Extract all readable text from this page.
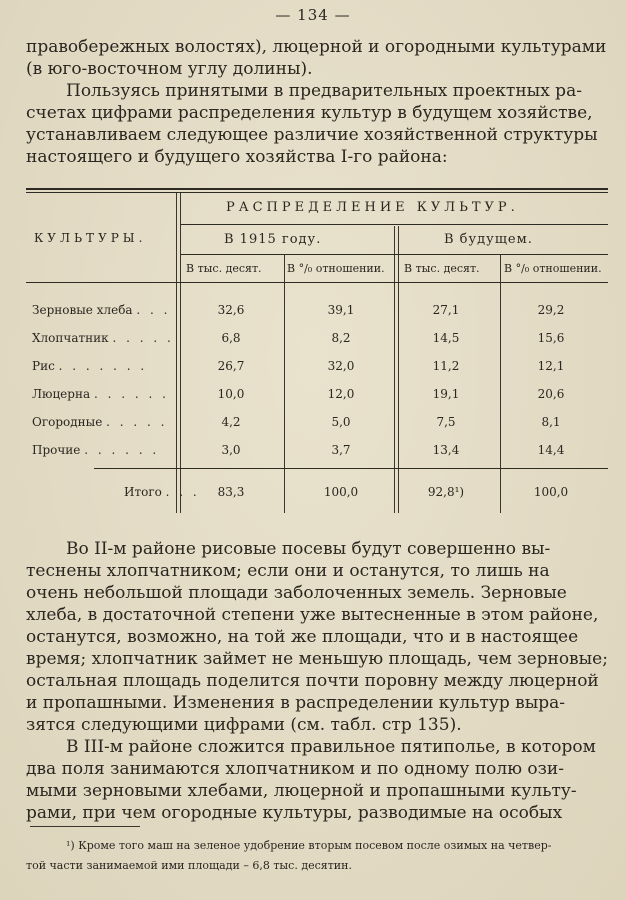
— 134 —
правобережных волостях), люцерной и огородными культурами
(в юго-восточном углу долины).
Пользуясь принятыми в предварительных проектных ра-
счетах цифрами распределения культур в будущем хозяйстве,
устанавливаем следующее различие хозяйственной структуры
настоящего и будущего хозяйства I-го района:
РАСПРЕДЕЛЕНИЕ КУЛЬТУР.
КУЛЬТУРЫ.	В 1915 году.	В будущем.
В тыс. десят. В °/₀ отношении. В тыс. десят. В °/₀ отношении.
Зерновые хлеба . . .	32,6	39,1	27,1	29,2
Хлопчатник . . . . .	6,8	8,2	14,5	15,6
Рис . . . . . . .	26,7	32,0	11,2	12,1
Люцерна . . . . . .	10,0	12,0	19,1	20,6
Огородные . . . . .	4,2	5,0	7,5	8,1
Прочие . . . . . .	3,0	3,7	13,4	14,4
Итого . . .	83,3	100,0	92,8¹)	100,0
Во II-м районе рисовые посевы будут совершенно вы-
теснены хлопчатником; если они и останутся, то лишь на
очень небольшой площади заболоченных земель. Зерновые
хлеба, в достаточной степени уже вытесненные в этом районе,
останутся, возможно, на той же площади, что и в настоящее
время; хлопчатник займет не меньшую площадь, чем зерновые;
остальная площадь поделится почти поровну между люцерной
и пропашными. Изменения в распределении культур выра-
зятся следующими цифрами (см. табл. стр 135).
В III-м районе сложится правильное пятиполье, в котором
два поля занимаются хлопчатником и по одному полю ози-
мыми зерновыми хлебами, люцерной и пропашными культу-
рами, при чем огородные культуры, разводимые на особых
¹) Кроме того маш на зеленое удобрение вторым посевом после озимых на четвер-
той части занимаемой ими площади – 6,8 тыс. десятин.
